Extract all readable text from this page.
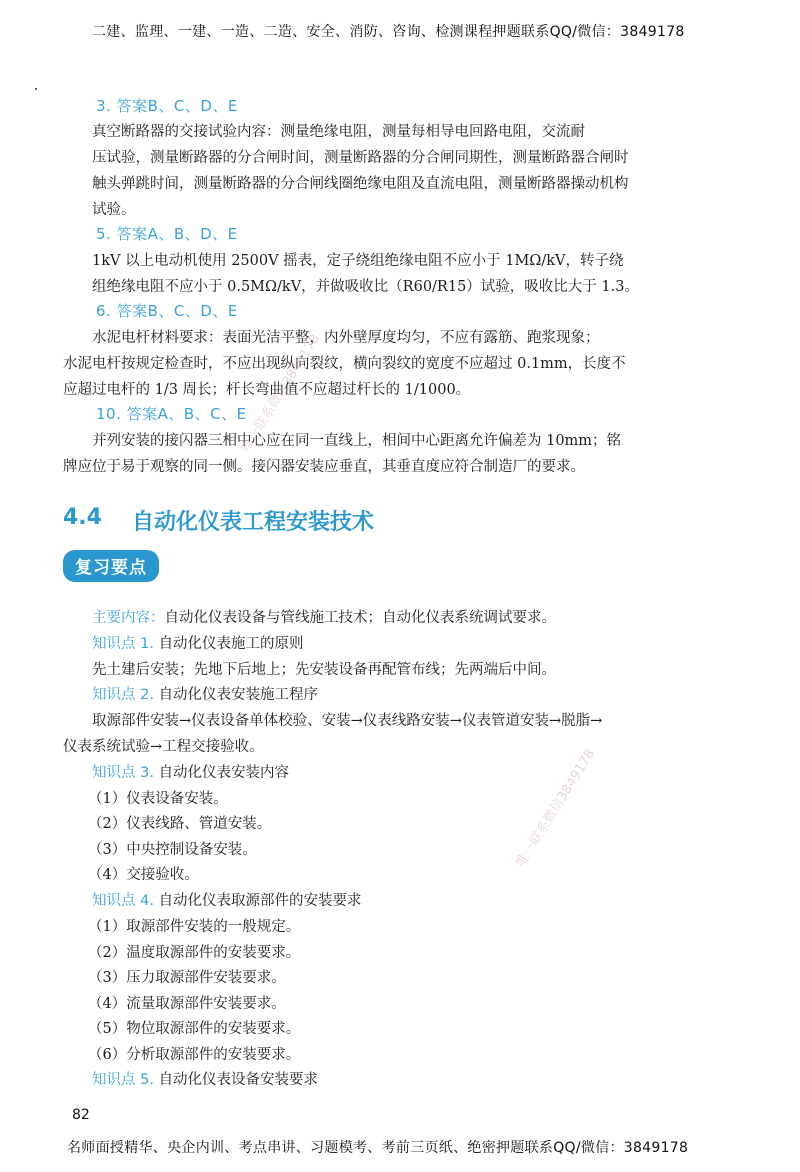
二建、监理、一建、一造、二造、安全、消防、咨询、检测课程押题联系QQ/微信：3849178
3. 答案B、C、D、E
真空断路器的交接试验内容：测量绝缘电阻，测量每相导电回路电阻，交流耐
压试验，测量断路器的分合闸时间，测量断路器的分合闸同期性，测量断路器合闸时
触头弹跳时间，测量断路器的分合闸线圈绝缘电阻及直流电阻，测量断路器操动机构
试验。
5. 答案A、B、D、E
1kV 以上电动机使用 2500V 摇表，定子绕组绝缘电阻不应小于 1MΩ/kV，转子绕
组绝缘电阻不应小于 0.5MΩ/kV，并做吸收比（R60/R15）试验，吸收比大于 1.3。
6. 答案B、C、D、E
水泥电杆材料要求：表面光洁平整，内外壁厚度均匀，不应有露筋、跑浆现象；
水泥电杆按规定检查时，不应出现纵向裂纹，横向裂纹的宽度不应超过 0.1mm，长度不
应超过电杆的 1/3 周长；杆长弯曲值不应超过杆长的 1/1000。
10. 答案A、B、C、E
并列安装的接闪器三相中心应在同一直线上，相间中心距离允许偏差为 10mm；铭
牌应位于易于观察的同一侧。接闪器安装应垂直，其垂直度应符合制造厂的要求。
4.4 自动化仪表工程安装技术
复习要点
主要内容：自动化仪表设备与管线施工技术；自动化仪表系统调试要求。
知识点 1. 自动化仪表施工的原则
先土建后安装；先地下后地上；先安装设备再配管布线；先两端后中间。
知识点 2. 自动化仪表安装施工程序
取源部件安装→仪表设备单体校验、安装→仪表线路安装→仪表管道安装→脱脂→
仪表系统试验→工程交接验收。
知识点 3. 自动化仪表安装内容
（1）仪表设备安装。
（2）仪表线路、管道安装。
（3）中央控制设备安装。
（4）交接验收。
知识点 4. 自动化仪表取源部件的安装要求
（1）取源部件安装的一般规定。
（2）温度取源部件的安装要求。
（3）压力取源部件安装要求。
（4）流量取源部件安装要求。
（5）物位取源部件的安装要求。
（6）分析取源部件的安装要求。
知识点 5. 自动化仪表设备安装要求
82
名师面授精华、央企内训、考点串讲、习题模考、考前三页纸、绝密押题联系QQ/微信：3849178
唯一联系微信3849178
唯一联系微信3849178
